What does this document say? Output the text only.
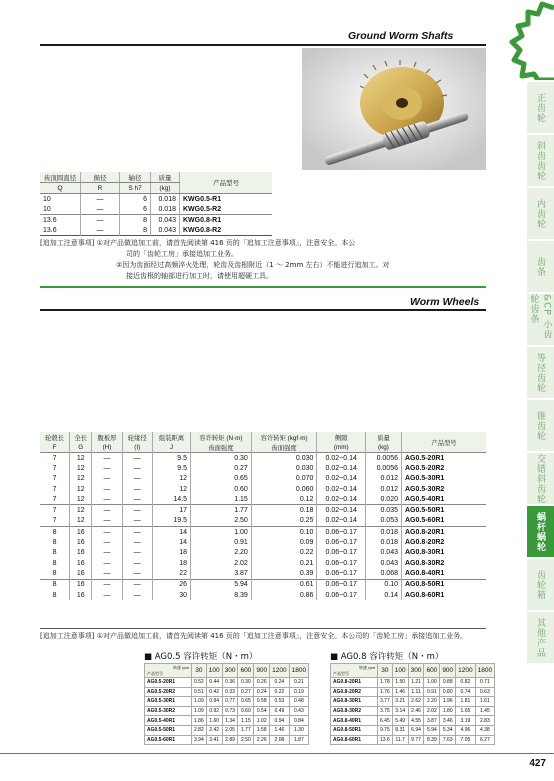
Ground Worm Shafts
正齿轮
斜齿齿轮
内齿轮
齿条
&CP 小齿轮齿条
等径齿轮
锥齿轮
交错斜齿轮
蜗杆蜗轮
齿轮箱
其他产品
齿顶圆直径	损径	轴径	质量	产品型号
Q	R	S h7	(kg)	
10	—	6	0.018	KWG0.5-R1
10	—	6	0.018	KWG0.5-R2
13.6	—	8	0.043	KWG0.8-R1
13.6	—	8	0.043	KWG0.8-R2
[追加工注意事项] ①对产品做追加工前，请首先阅读第 416 页的「追加工注意事项」，注意安全。本公
司的「齿轮工房」承接追加工业务。
②因为齿面经过高频淬火处理，轮齿及齿根附近（1 ～ 2mm 左右）不能进行追加工。对
接近齿根的轴部进行加工时，请使用超硬工具。
Worm Wheels
轮毂长	全长	腹板厚	轮缘径	组装距离	容许转矩 (N·m)	容许转矩 (kgf·m)	侧隙	质量	产品型号
F	G	(H)	(I)	J	齿面强度	齿面强度	(mm)	(kg)	
7	12	—	—	9.5	0.30	0.030	0.02~0.14	0.0056	AG0.5-20R1
7	12	—	—	9.5	0.27	0.030	0.02~0.14	0.0056	AG0.5-20R2
7	12	—	—	12	0.65	0.070	0.02~0.14	0.012	AG0.5-30R1
7	12	—	—	12	0.60	0.060	0.02~0.14	0.012	AG0.5-30R2
7	12	—	—	14.5	1.15	0.12	0.02~0.14	0.020	AG0.5-40R1
7	12	—	—	17	1.77	0.18	0.02~0.14	0.035	AG0.5-50R1
7	12	—	—	19.5	2.50	0.25	0.02~0.14	0.053	AG0.5-60R1
8	16	—	—	14	1.00	0.10	0.06~0.17	0.018	AG0.8-20R1
8	16	—	—	14	0.91	0.09	0.06~0.17	0.018	AG0.8-20R2
8	16	—	—	18	2.20	0.22	0.06~0.17	0.043	AG0.8-30R1
8	16	—	—	18	2.02	0.21	0.06~0.17	0.043	AG0.8-30R2
8	16	—	—	22	3.87	0.39	0.06~0.17	0.068	AG0.8-40R1
8	16	—	—	26	5.94	0.61	0.06~0.17	0.10	AG0.8-50R1
8	16	—	—	30	8.39	0.86	0.06~0.17	0.14	AG0.8-60R1
[追加工注意事项] ①对产品做追加工前，请首先阅读第 416 页的「追加工注意事项」，注意安全。本公司的「齿轮工房」承接追加工业务。
■ AG0.5 容许转矩（N・m）
转速 rpm
产品型号	30	100	300	600	900	1200	1800
AG0.5-20R1	0.52	0.44	0.36	0.30	0.26	0.24	0.21
AG0.5-20R2	0.51	0.42	0.33	0.27	0.24	0.22	0.19
AG0.5-30R1	1.09	0.94	0.77	0.65	0.58	0.53	0.48
AG0.5-30R2	1.09	0.92	0.73	0.60	0.54	0.49	0.43
AG0.5-40R1	1.86	1.60	1.34	1.15	1.02	0.94	0.84
AG0.5-50R1	2.82	2.42	2.05	1.77	1.58	1.46	1.30
AG0.5-60R1	3.94	3.41	2.89	2.50	2.26	2.08	1.87
■ AG0.8 容许转矩（N・m）
转速 rpm
产品型号	30	100	300	600	900	1200	1800
AG0.8-20R1	1.78	1.50	1.21	1.00	0.88	0.82	0.71
AG0.8-20R2	1.76	1.46	1.11	0.91	0.80	0.74	0.63
AG0.8-30R1	3.77	3.21	2.62	2.20	1.96	1.81	1.61
AG0.8-30R2	3.75	3.14	2.46	2.02	1.80	1.65	1.45
AG0.8-40R1	6.45	5.49	4.55	3.87	3.46	3.19	2.83
AG0.8-50R1	9.75	8.31	6.94	5.94	5.34	4.96	4.38
AG0.8-60R1	13.6	11.7	9.77	8.39	7.63	7.05	6.27
427
